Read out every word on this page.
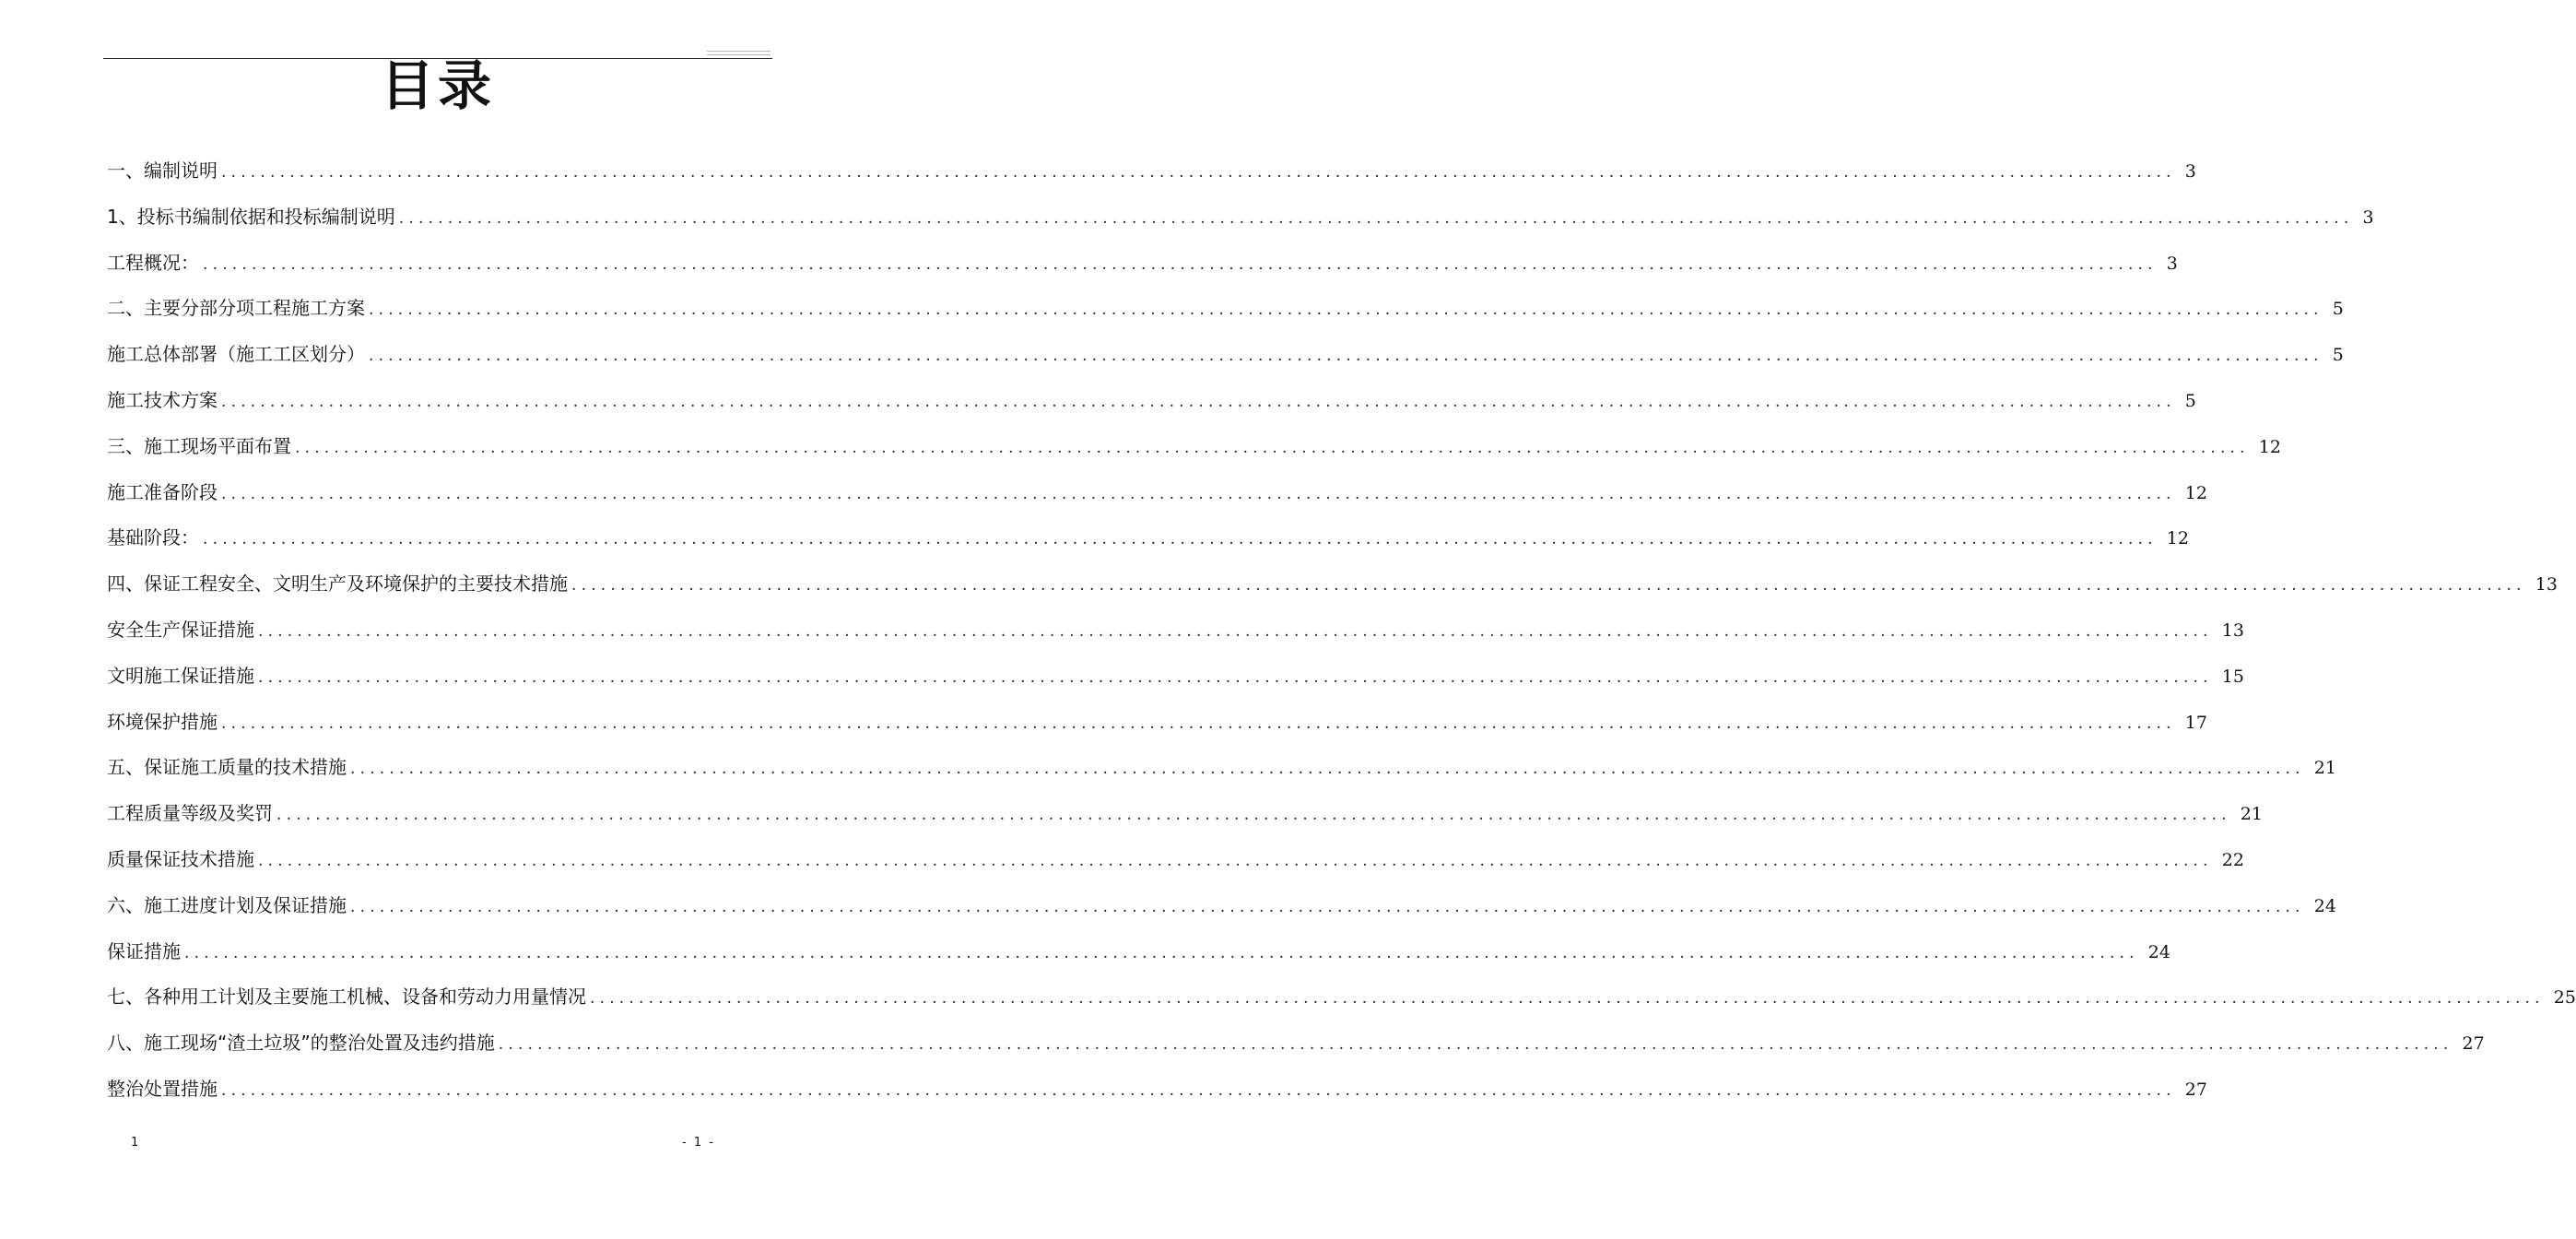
目录
一、编制说明 ........................................................................................................................................................................................................ 3
1、投标书编制依据和投标编制说明 ........................................................................................................................................................................................................ 3
工程概况： ........................................................................................................................................................................................................ 3
二、主要分部分项工程施工方案 ........................................................................................................................................................................................................ 5
施工总体部署（施工工区划分） ........................................................................................................................................................................................................ 5
施工技术方案 ........................................................................................................................................................................................................ 5
三、施工现场平面布置 ........................................................................................................................................................................................................ 12
施工准备阶段 ........................................................................................................................................................................................................ 12
基础阶段： ........................................................................................................................................................................................................ 12
四、保证工程安全、文明生产及环境保护的主要技术措施 ........................................................................................................................................................................................................ 13
安全生产保证措施 ........................................................................................................................................................................................................ 13
文明施工保证措施 ........................................................................................................................................................................................................ 15
环境保护措施 ........................................................................................................................................................................................................ 17
五、保证施工质量的技术措施 ........................................................................................................................................................................................................ 21
工程质量等级及奖罚 ........................................................................................................................................................................................................ 21
质量保证技术措施 ........................................................................................................................................................................................................ 22
六、施工进度计划及保证措施 ........................................................................................................................................................................................................ 24
保证措施 ........................................................................................................................................................................................................ 24
七、各种用工计划及主要施工机械、设备和劳动力用量情况 ........................................................................................................................................................................................................ 25
八、施工现场“渣土垃圾”的整治处置及违约措施 ........................................................................................................................................................................................................ 27
整治处置措施 ........................................................................................................................................................................................................ 27
1	- 1 -
